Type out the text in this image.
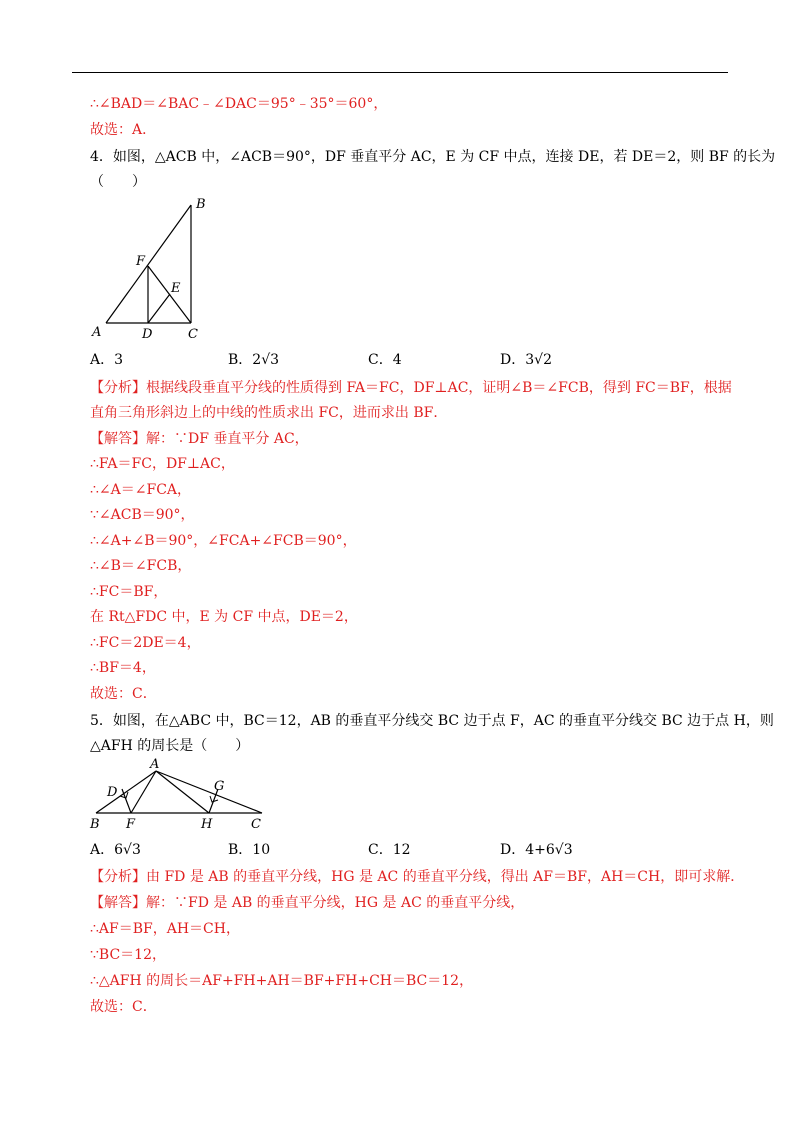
∴∠BAD＝∠BAC﹣∠DAC＝95°﹣35°＝60°，
故选：A．
4．如图，△ACB 中，∠ACB＝90°，DF 垂直平分 AC，E 为 CF 中点，连接 DE，若 DE＝2，则 BF 的长为
（　　）
A	D	C
B
F
E
A．3	B．2√3	C．4	D．3√2
【分析】根据线段垂直平分线的性质得到 FA＝FC，DF⊥AC，证明∠B＝∠FCB，得到 FC＝BF，根据
直角三角形斜边上的中线的性质求出 FC，进而求出 BF．
【解答】解：∵DF 垂直平分 AC，
∴FA＝FC，DF⊥AC，
∴∠A＝∠FCA，
∵∠ACB＝90°，
∴∠A+∠B＝90°，∠FCA+∠FCB＝90°，
∴∠B＝∠FCB，
∴FC＝BF，
在 Rt△FDC 中，E 为 CF 中点，DE＝2，
∴FC＝2DE＝4，
∴BF＝4，
故选：C．
5．如图，在△ABC 中，BC＝12，AB 的垂直平分线交 BC 边于点 F，AC 的垂直平分线交 BC 边于点 H，则
△AFH 的周长是（　　）
A
B F	H	C
D	G
A．6√3	B．10	C．12	D．4+6√3
【分析】由 FD 是 AB 的垂直平分线，HG 是 AC 的垂直平分线，得出 AF＝BF，AH＝CH，即可求解．
【解答】解：∵FD 是 AB 的垂直平分线，HG 是 AC 的垂直平分线，
∴AF＝BF，AH＝CH，
∵BC＝12，
∴△AFH 的周长＝AF+FH+AH＝BF+FH+CH＝BC＝12，
故选：C．
